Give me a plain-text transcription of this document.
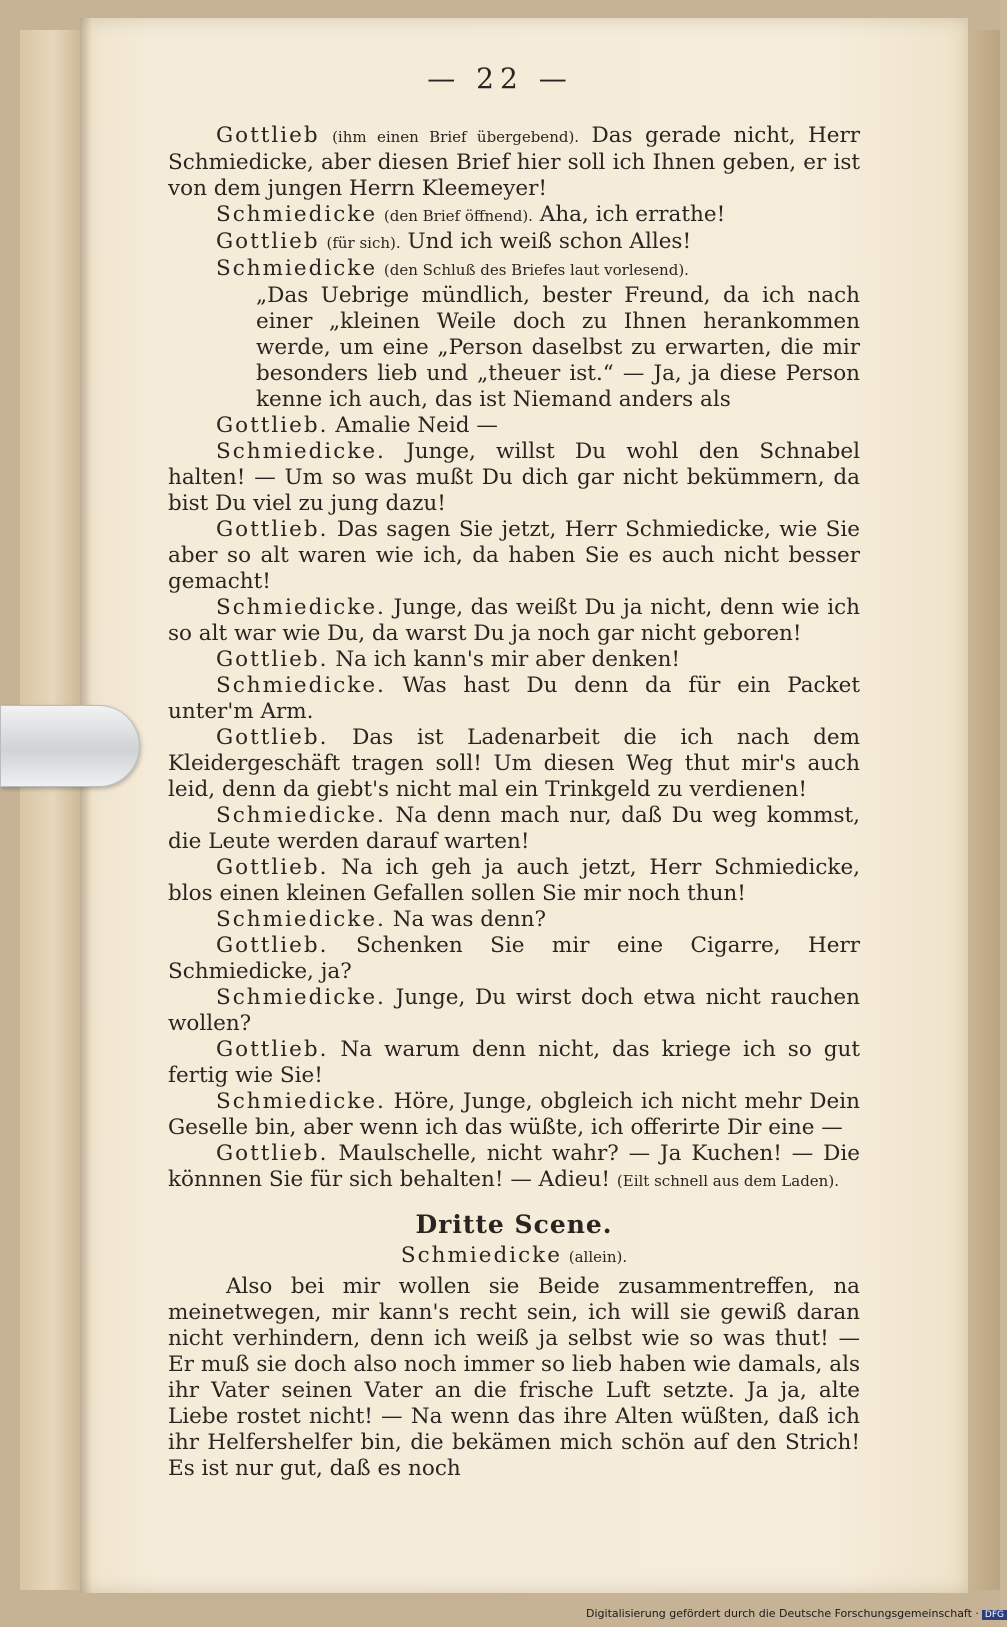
— 22 —

Gottlieb (ihm einen Brief übergebend). Das gerade nicht, Herr Schmiedicke, aber diesen Brief hier soll ich Ihnen geben, er ist von dem jungen Herrn Kleemeyer!

Schmiedicke (den Brief öffnend). Aha, ich errathe!

Gottlieb (für sich). Und ich weiß schon Alles!

Schmiedicke (den Schluß des Briefes laut vorlesend).

„Das Uebrige mündlich, bester Freund, da ich nach einer „kleinen Weile doch zu Ihnen herankommen werde, um eine „Person daselbst zu erwarten, die mir besonders lieb und „theuer ist.“ — Ja, ja diese Person kenne ich auch, das ist Niemand anders als

Gottlieb. Amalie Neid —

Schmiedicke. Junge, willst Du wohl den Schnabel halten! — Um so was mußt Du dich gar nicht bekümmern, da bist Du viel zu jung dazu!

Gottlieb. Das sagen Sie jetzt, Herr Schmiedicke, wie Sie aber so alt waren wie ich, da haben Sie es auch nicht besser gemacht!

Schmiedicke. Junge, das weißt Du ja nicht, denn wie ich so alt war wie Du, da warst Du ja noch gar nicht geboren!

Gottlieb. Na ich kann's mir aber denken!

Schmiedicke. Was hast Du denn da für ein Packet unter'm Arm.

Gottlieb. Das ist Ladenarbeit die ich nach dem Kleidergeschäft tragen soll! Um diesen Weg thut mir's auch leid, denn da giebt's nicht mal ein Trinkgeld zu verdienen!

Schmiedicke. Na denn mach nur, daß Du weg kommst, die Leute werden darauf warten!

Gottlieb. Na ich geh ja auch jetzt, Herr Schmiedicke, blos einen kleinen Gefallen sollen Sie mir noch thun!

Schmiedicke. Na was denn?

Gottlieb. Schenken Sie mir eine Cigarre, Herr Schmiedicke, ja?

Schmiedicke. Junge, Du wirst doch etwa nicht rauchen wollen?

Gottlieb. Na warum denn nicht, das kriege ich so gut fertig wie Sie!

Schmiedicke. Höre, Junge, obgleich ich nicht mehr Dein Geselle bin, aber wenn ich das wüßte, ich offerirte Dir eine —

Gottlieb. Maulschelle, nicht wahr? — Ja Kuchen! — Die könnnen Sie für sich behalten! — Adieu! (Eilt schnell aus dem Laden).

Dritte Scene.
Schmiedicke (allein).

Also bei mir wollen sie Beide zusammentreffen, na meinetwegen, mir kann's recht sein, ich will sie gewiß daran nicht verhindern, denn ich weiß ja selbst wie so was thut! — Er muß sie doch also noch immer so lieb haben wie damals, als ihr Vater seinen Vater an die frische Luft setzte. Ja ja, alte Liebe rostet nicht! — Na wenn das ihre Alten wüßten, daß ich ihr Helfershelfer bin, die bekämen mich schön auf den Strich! Es ist nur gut, daß es noch

Digitalisierung gefördert durch die Deutsche Forschungsgemeinschaft · DFG
